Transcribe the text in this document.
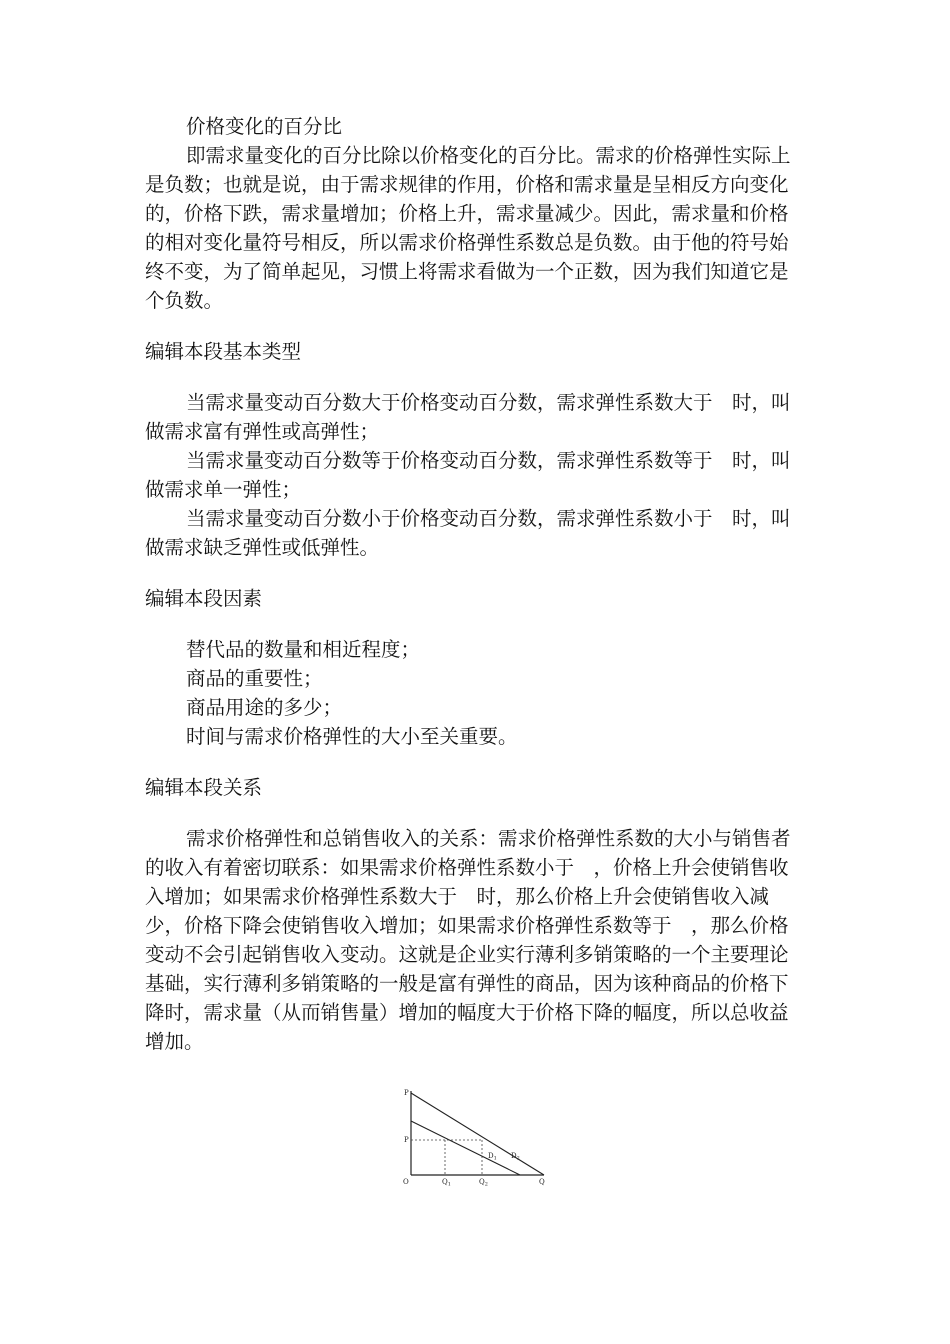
价格变化的百分比

即需求量变化的百分比除以价格变化的百分比。需求的价格弹性实际上是负数；也就是说，由于需求规律的作用，价格和需求量是呈相反方向变化的，价格下跌，需求量增加；价格上升，需求量减少。因此，需求量和价格的相对变化量符号相反，所以需求价格弹性系数总是负数。由于他的符号始终不变，为了简单起见，习惯上将需求看做为一个正数，因为我们知道它是个负数。

编辑本段基本类型

当需求量变动百分数大于价格变动百分数，需求弹性系数大于　时，叫做需求富有弹性或高弹性；

当需求量变动百分数等于价格变动百分数，需求弹性系数等于　时，叫做需求单一弹性；

当需求量变动百分数小于价格变动百分数，需求弹性系数小于　时，叫做需求缺乏弹性或低弹性。

编辑本段因素

替代品的数量和相近程度；

商品的重要性；

商品用途的多少；

时间与需求价格弹性的大小至关重要。

编辑本段关系

需求价格弹性和总销售收入的关系：需求价格弹性系数的大小与销售者的收入有着密切联系：如果需求价格弹性系数小于　，价格上升会使销售收入增加；如果需求价格弹性系数大于　时，那么价格上升会使销售收入减少，价格下降会使销售收入增加；如果需求价格弹性系数等于　，那么价格变动不会引起销售收入变动。这就是企业实行薄利多销策略的一个主要理论基础，实行薄利多销策略的一般是富有弹性的商品，因为该种商品的价格下降时，需求量（从而销售量）增加的幅度大于价格下降的幅度，所以总收益增加。

P
P
O	$Q_1$	$Q_2$	Q
$D_1$ $D_2$
